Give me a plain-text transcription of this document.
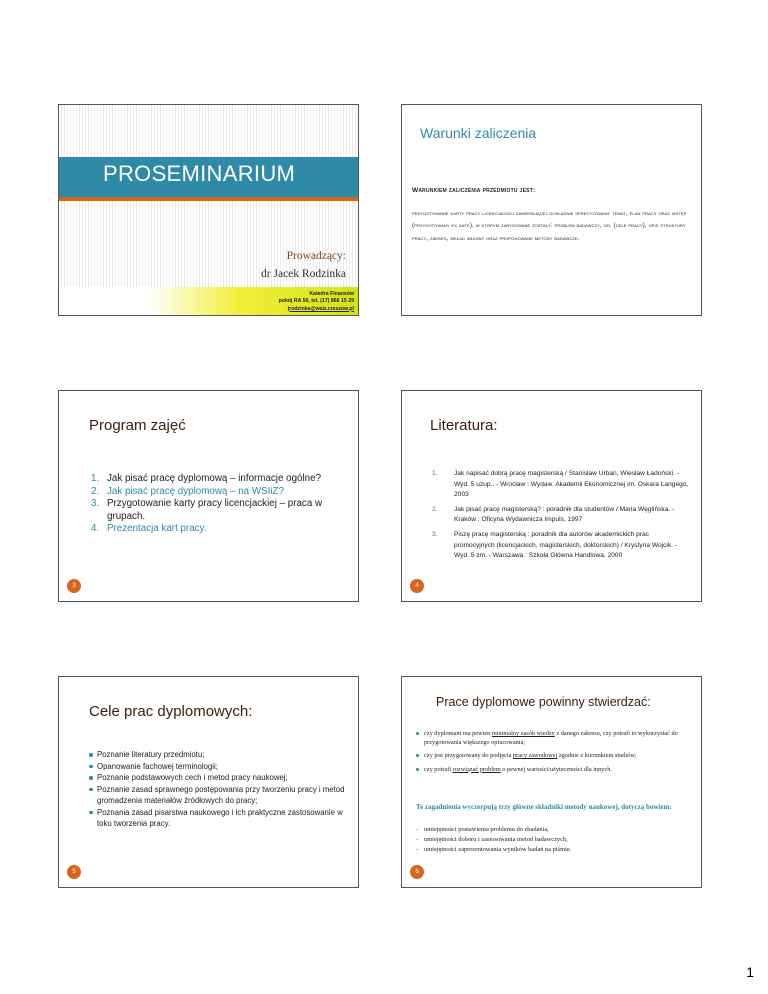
PROSEMINARIUM
Prowadzący:
dr Jacek Rodzinka
Katedra Finansów
pokój RA 50, tel. (17) 866 15 29
jrodzinka@wsiz.rzeszow.pl
Warunki zaliczenia
Warunkiem zaliczenia przedmiotu jest:
przygotowanie karty pracy licencjackiej zawierającej dokładnie sprecyzowany temat, plan pracy oraz wstęp (przygotowany ex ante), w którym zarysowane zostały: problem badawczy, cel (cele pracy), opis struktury pracy, zakres, wkład własny oraz proponowane metody badawcze.
Program zajęć
1. Jak pisać pracę dyplomową – informacje ogólne?
2. Jak pisać pracę dyplomową – na WSIiZ?
3. Przygotowanie karty pracy licencjackiej – praca w grupach.
4. Prezentacja kart pracy.
3
Literatura:
1.	Jak napisać dobrą pracę magisterską / Stanisław Urban, Wiesław Ładoński. - Wyd. 5 uzup.. - Wrocław : Wydaw. Akademii Ekonomicznej im. Oskara Langego, 2003
2.	Jak pisać pracę magisterską? : poradnik dla studentów / Maria Węglińska. - Kraków : Oficyna Wydawnicza Impuls, 1997
3.	Piszę pracę magisterską : poradnik dla autorów akademickich prac promocyjnych (licencjackich, magisterskich, doktorskich) / Krystyna Wojcik. - Wyd. 5 zm. - Warszawa : Szkoła Główna Handlowa, 2000
4
Cele prac dyplomowych:
Poznanie literatury przedmiotu;
Opanowanie fachowej terminologii;
Poznanie podstawowych cech i metod pracy naukowej;
Poznanie zasad sprawnego postępowania przy tworzeniu pracy i metod gromadzenia materiałów źródłowych do pracy;
Poznania zasad pisarstwa naukowego i ich praktyczne zastosowanie w toku tworzenia pracy.
5
Prace dyplomowe powinny stwierdzać:
czy dyplomant ma pewien minimalny zasób wiedzy z danego zakresu, czy potrafi to wykorzystać do przygotowania większego opracowania;
czy jest przygotowany do podjęcia pracy zawodowej zgodnie z kierunkiem studiów;
czy potrafi rozwiązać problem o pewnej wartości/użyteczności dla innych.
Te zagadnienia wyczerpują trzy główne składniki metody naukowej, dotyczą bowiem:
- umiejętności postawienia problemu do zbadania,
- umiejętności doboru i zastosowania metod badawczych,
- umiejętności zaprezentowania wyników badań na piśmie.
6
1
